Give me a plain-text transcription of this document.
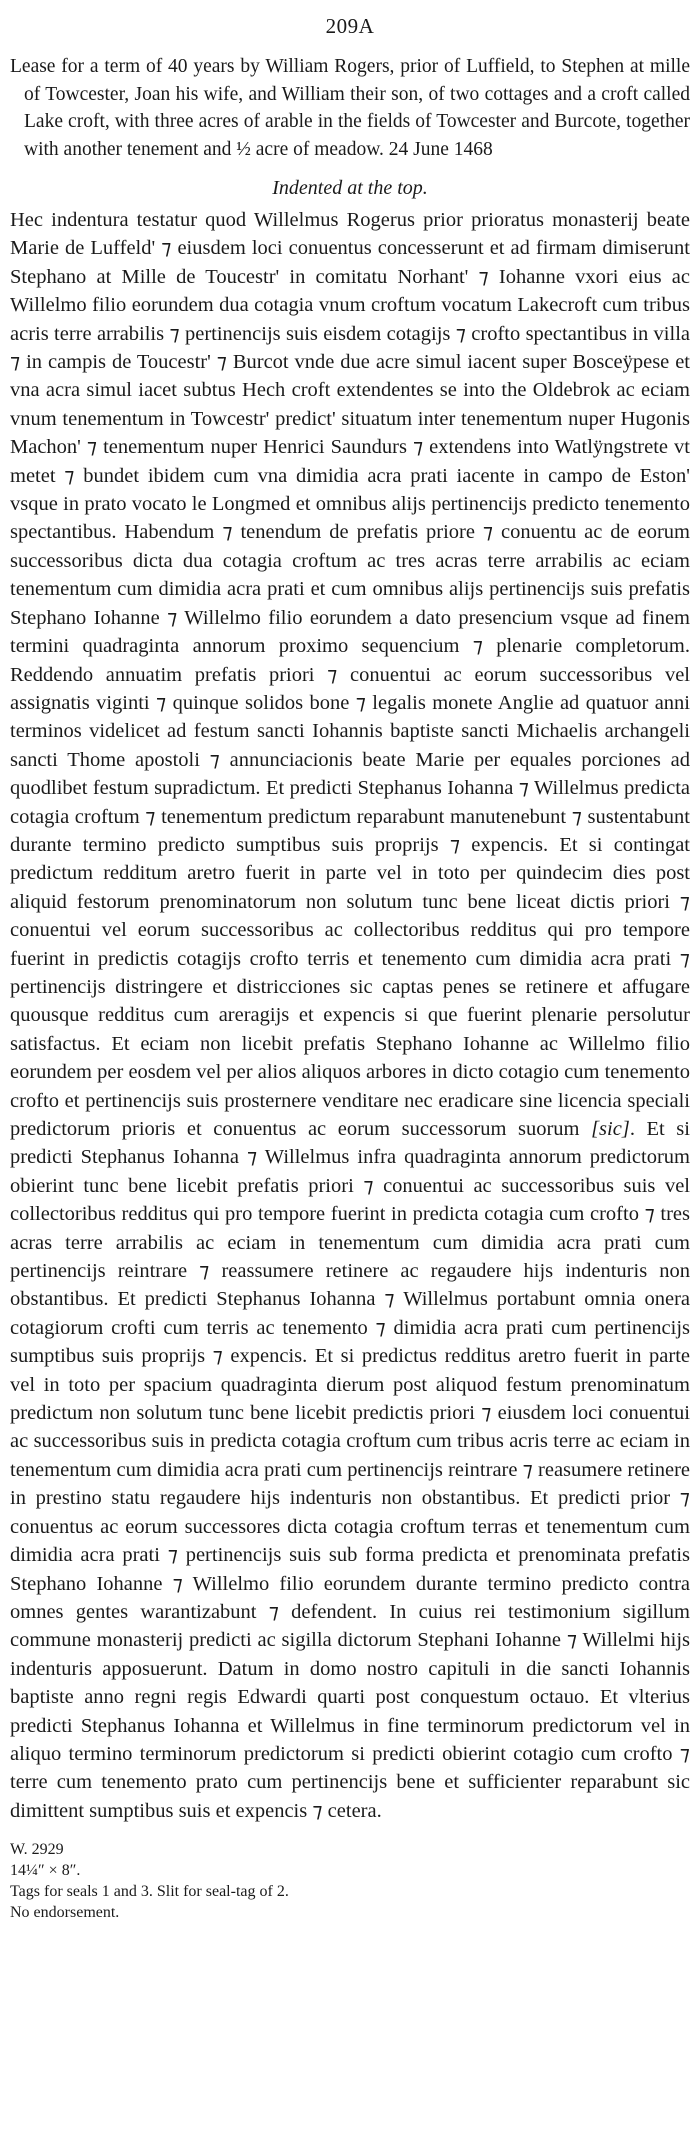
209A

Lease for a term of 40 years by William Rogers, prior of Luffield, to Stephen at mille of Towcester, Joan his wife, and William their son, of two cottages and a croft called Lake croft, with three acres of arable in the fields of Towcester and Burcote, together with another tenement and ½ acre of meadow. 24 June 1468

Indented at the top.

Hec indentura testatur quod Willelmus Rogerus prior prioratus monasterij beate Marie de Luffeld' ⁊ eiusdem loci conuentus concesserunt et ad firmam dimiserunt Stephano at Mille de Toucestr' in comitatu Norhant' ⁊ Iohanne vxori eius ac Willelmo filio eorundem dua cotagia vnum croftum vocatum Lakecroft cum tribus acris terre arrabilis ⁊ pertinencijs suis eisdem cotagijs ⁊ crofto spectantibus in villa ⁊ in campis de Toucestr' ⁊ Burcot vnde due acre simul iacent super Bosceÿpese et vna acra simul iacet subtus Hech croft extendentes se into the Oldebrok ac eciam vnum tenementum in Towcestr' predict' situatum inter tenementum nuper Hugonis Machon' ⁊ tenementum nuper Henrici Saundurs ⁊ extendens into Watlÿngstrete vt metet ⁊ bundet ibidem cum vna dimidia acra prati iacente in campo de Eston' vsque in prato vocato le Longmed et omnibus alijs pertinencijs predicto tenemento spectantibus. Habendum ⁊ tenendum de prefatis priore ⁊ conuentu ac de eorum successoribus dicta dua cotagia croftum ac tres acras terre arrabilis ac eciam tenementum cum dimidia acra prati et cum omnibus alijs pertinencijs suis prefatis Stephano Iohanne ⁊ Willelmo filio eorundem a dato presencium vsque ad finem termini quadraginta annorum proximo sequencium ⁊ plenarie completorum. Reddendo annuatim prefatis priori ⁊ conuentui ac eorum successoribus vel assignatis viginti ⁊ quinque solidos bone ⁊ legalis monete Anglie ad quatuor anni terminos videlicet ad festum sancti Iohannis baptiste sancti Michaelis archangeli sancti Thome apostoli ⁊ annunciacionis beate Marie per equales porciones ad quodlibet festum supradictum. Et predicti Stephanus Iohanna ⁊ Willelmus predicta cotagia croftum ⁊ tenementum predictum reparabunt manutenebunt ⁊ sustentabunt durante termino predicto sumptibus suis proprijs ⁊ expencis. Et si contingat predictum redditum aretro fuerit in parte vel in toto per quindecim dies post aliquid festorum prenominatorum non solutum tunc bene liceat dictis priori ⁊ conuentui vel eorum successoribus ac collectoribus redditus qui pro tempore fuerint in predictis cotagijs crofto terris et tenemento cum dimidia acra prati ⁊ pertinencijs distringere et districciones sic captas penes se retinere et affugare quousque redditus cum areragijs et expencis si que fuerint plenarie persolutur satisfactus. Et eciam non licebit prefatis Stephano Iohanne ac Willelmo filio eorundem per eosdem vel per alios aliquos arbores in dicto cotagio cum tenemento crofto et pertinencijs suis prosternere venditare nec eradicare sine licencia speciali predictorum prioris et conuentus ac eorum successorum suorum [sic]. Et si predicti Stephanus Iohanna ⁊ Willelmus infra quadraginta annorum predictorum obierint tunc bene licebit prefatis priori ⁊ conuentui ac successoribus suis vel collectoribus redditus qui pro tempore fuerint in predicta cotagia cum crofto ⁊ tres acras terre arrabilis ac eciam in tenementum cum dimidia acra prati cum pertinencijs reintrare ⁊ reassumere retinere ac regaudere hijs indenturis non obstantibus. Et predicti Stephanus Iohanna ⁊ Willelmus portabunt omnia onera cotagiorum crofti cum terris ac tenemento ⁊ dimidia acra prati cum pertinencijs sumptibus suis proprijs ⁊ expencis. Et si predictus redditus aretro fuerit in parte vel in toto per spacium quadraginta dierum post aliquod festum prenominatum predictum non solutum tunc bene licebit predictis priori ⁊ eiusdem loci conuentui ac successoribus suis in predicta cotagia croftum cum tribus acris terre ac eciam in tenementum cum dimidia acra prati cum pertinencijs reintrare ⁊ reasumere retinere in prestino statu regaudere hijs indenturis non obstantibus. Et predicti prior ⁊ conuentus ac eorum successores dicta cotagia croftum terras et tenementum cum dimidia acra prati ⁊ pertinencijs suis sub forma predicta et prenominata prefatis Stephano Iohanne ⁊ Willelmo filio eorundem durante termino predicto contra omnes gentes warantizabunt ⁊ defendent. In cuius rei testimonium sigillum commune monasterij predicti ac sigilla dictorum Stephani Iohanne ⁊ Willelmi hijs indenturis apposuerunt. Datum in domo nostro capituli in die sancti Iohannis baptiste anno regni regis Edwardi quarti post conquestum octauo. Et vlterius predicti Stephanus Iohanna et Willelmus in fine terminorum predictorum vel in aliquo termino terminorum predictorum si predicti obierint cotagio cum crofto ⁊ terre cum tenemento prato cum pertinencijs bene et sufficienter reparabunt sic dimittent sumptibus suis et expencis ⁊ cetera.

W. 2929
14¼″ × 8″.
Tags for seals 1 and 3. Slit for seal-tag of 2.
No endorsement.
